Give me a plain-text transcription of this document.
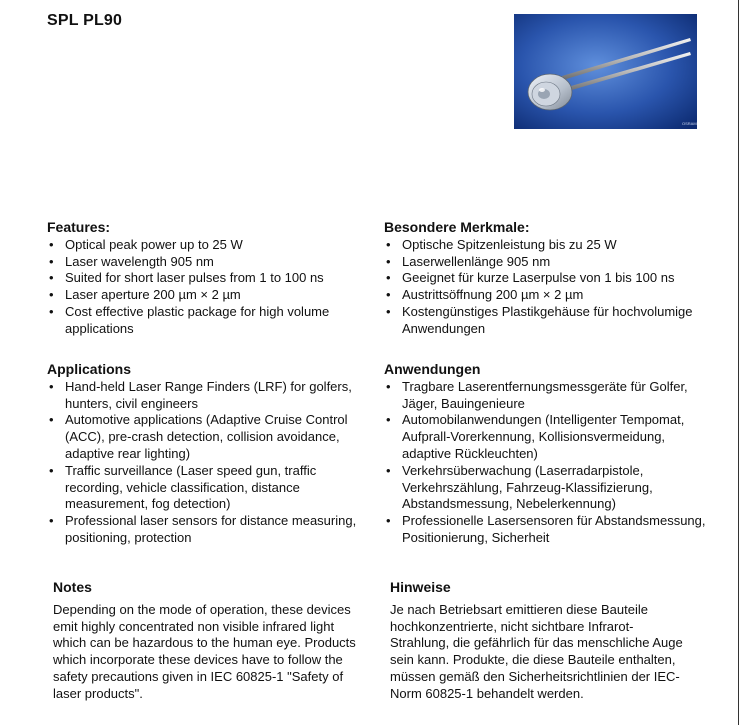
SPL PL90
OSRAM
Features:
• Optical peak power up to 25 W
• Laser wavelength 905 nm
• Suited for short laser pulses from 1 to 100 ns
• Laser aperture 200 µm × 2 µm
• Cost effective plastic package for high volume applications
Besondere Merkmale:
• Optische Spitzenleistung bis zu 25 W
• Laserwellenlänge 905 nm
• Geeignet für kurze Laserpulse von 1 bis 100 ns
• Austrittsöffnung 200 µm × 2 µm
• Kostengünstiges Plastikgehäuse für hochvolumige Anwendungen
Applications
• Hand-held Laser Range Finders (LRF) for golfers, hunters, civil engineers
• Automotive applications (Adaptive Cruise Control (ACC), pre-crash detection, collision avoidance, adaptive rear lighting)
• Traffic surveillance (Laser speed gun, traffic recording, vehicle classification, distance measurement, fog detection)
• Professional laser sensors for distance measuring, positioning, protection
Anwendungen
• Tragbare Laserentfernungsmessgeräte für Golfer, Jäger, Bauingenieure
• Automobilanwendungen (Intelligenter Tempomat, Aufprall-Vorerkennung, Kollisionsvermeidung, adaptive Rückleuchten)
• Verkehrsüberwachung (Laserradarpistole, Verkehrszählung, Fahrzeug-Klassifizierung, Abstandsmessung, Nebelerkennung)
• Professionelle Lasersensoren für Abstandsmessung, Positionierung, Sicherheit
Notes
Depending on the mode of operation, these devices emit highly concentrated non visible infrared light which can be hazardous to the human eye. Products which incorporate these devices have to follow the safety precautions given in IEC 60825-1 "Safety of laser products".
Hinweise
Je nach Betriebsart emittieren diese Bauteile hochkonzentrierte, nicht sichtbare Infrarot-Strahlung, die gefährlich für das menschliche Auge sein kann. Produkte, die diese Bauteile enthalten, müssen gemäß den Sicherheitsrichtlinien der IEC-Norm 60825-1 behandelt werden.
